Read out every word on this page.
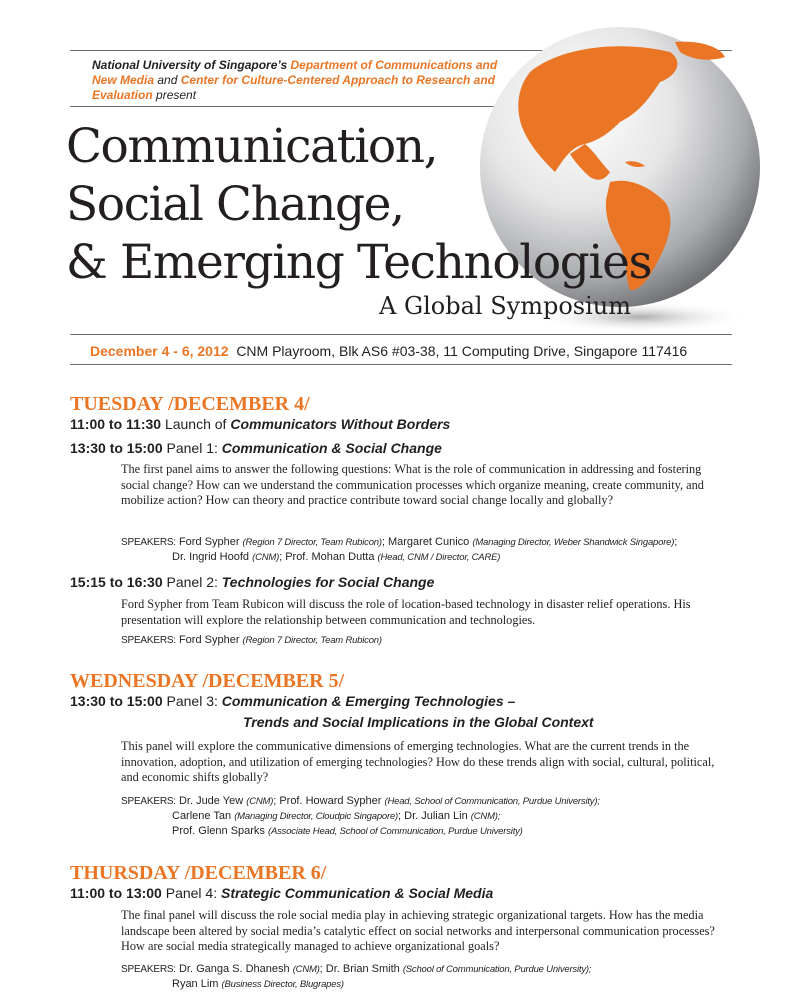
National University of Singapore’s Department of Communications and New Media and Center for Culture-Centered Approach to Research and Evaluation present
Communication,
Social Change,
& Emerging Technologies
A Global Symposium
December 4 - 6, 2012 CNM Playroom, Blk AS6 #03-38, 11 Computing Drive, Singapore 117416
TUESDAY /DECEMBER 4/
11:00 to 11:30 Launch of Communicators Without Borders
13:30 to 15:00 Panel 1: Communication & Social Change
The first panel aims to answer the following questions: What is the role of communication in addressing and fostering social change? How can we understand the communication processes which organize meaning, create community, and mobilize action? How can theory and practice contribute toward social change locally and globally?
SPEAKERS: Ford Sypher (Region 7 Director, Team Rubicon); Margaret Cunico (Managing Director, Weber Shandwick Singapore);
Dr. Ingrid Hoofd (CNM); Prof. Mohan Dutta (Head, CNM / Director, CARE)
15:15 to 16:30 Panel 2: Technologies for Social Change
Ford Sypher from Team Rubicon will discuss the role of location-based technology in disaster relief operations. His presentation will explore the relationship between communication and technologies.
SPEAKERS: Ford Sypher (Region 7 Director, Team Rubicon)
WEDNESDAY /DECEMBER 5/
13:30 to 15:00 Panel 3: Communication & Emerging Technologies –
Trends and Social Implications in the Global Context
This panel will explore the communicative dimensions of emerging technologies. What are the current trends in the innovation, adoption, and utilization of emerging technologies? How do these trends align with social, cultural, political, and economic shifts globally?
SPEAKERS: Dr. Jude Yew (CNM); Prof. Howard Sypher (Head, School of Communication, Purdue University);
Carlene Tan (Managing Director, Cloudpic Singapore); Dr. Julian Lin (CNM);
Prof. Glenn Sparks (Associate Head, School of Communication, Purdue University)
THURSDAY /DECEMBER 6/
11:00 to 13:00 Panel 4: Strategic Communication & Social Media
The final panel will discuss the role social media play in achieving strategic organizational targets. How has the media landscape been altered by social media’s catalytic effect on social networks and interpersonal communication processes? How are social media strategically managed to achieve organizational goals?
SPEAKERS: Dr. Ganga S. Dhanesh (CNM); Dr. Brian Smith (School of Communication, Purdue University);
Ryan Lim (Business Director, Blugrapes)
